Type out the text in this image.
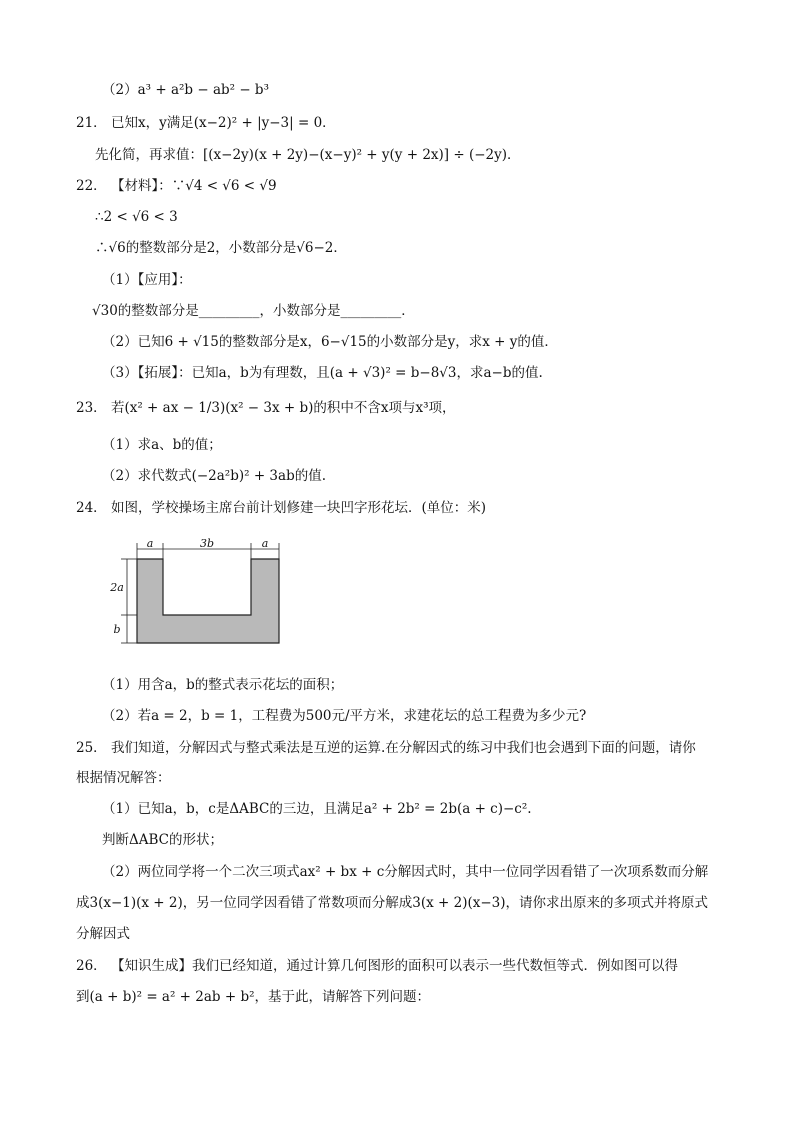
（2）a³ + a²b − ab² − b³
21． 已知x，y满足(x−2)² + |y−3| = 0．
先化简，再求值：[(x−2y)(x + 2y)−(x−y)² + y(y + 2x)] ÷ (−2y)．
22． 【材料】：∵√4 < √6 < √9
∴2 < √6 < 3
∴√6的整数部分是2，小数部分是√6−2．
（1）【应用】：
√30的整数部分是_________，小数部分是_________．
（2）已知6 + √15的整数部分是x，6−√15的小数部分是y，求x + y的值．
（3）【拓展】：已知a，b为有理数，且(a + √3)² = b−8√3，求a−b的值.
23． 若(x² + ax − 1/3)(x² − 3x + b)的积中不含x项与x³项，
（1）求a、b的值；
（2）求代数式(−2a²b)² + 3ab的值.
24． 如图，学校操场主席台前计划修建一块凹字形花坛．(单位：米)
a	3b	a
2a
b
（1）用含a，b的整式表示花坛的面积；
（2）若a = 2，b = 1，工程费为500元/平方米，求建花坛的总工程费为多少元?
25． 我们知道，分解因式与整式乘法是互逆的运算.在分解因式的练习中我们也会遇到下面的问题，请你
根据情况解答：
（1）已知a，b，c是ΔABC的三边，且满足a² + 2b² = 2b(a + c)−c².
判断ΔABC的形状；
（2）两位同学将一个二次三项式ax² + bx + c分解因式时，其中一位同学因看错了一次项系数而分解
成3(x−1)(x + 2)，另一位同学因看错了常数项而分解成3(x + 2)(x−3)，请你求出原来的多项式并将原式
分解因式
26． 【知识生成】我们已经知道，通过计算几何图形的面积可以表示一些代数恒等式．例如图可以得
到(a + b)² = a² + 2ab + b²，基于此，请解答下列问题：
